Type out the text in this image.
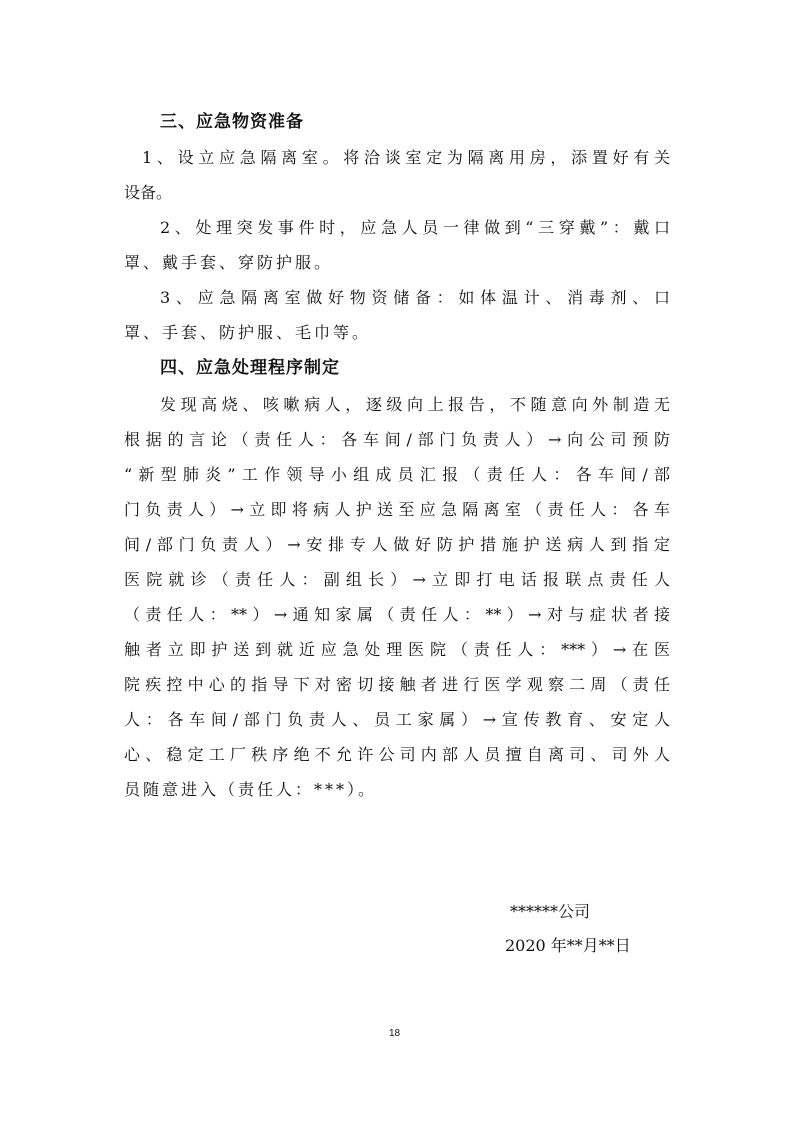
三、应急物资准备
1、设立应急隔离室。将洽谈室定为隔离用房，添置好有关
设备。
2、处理突发事件时，应急人员一律做到“三穿戴”：戴口
罩、戴手套、穿防护服。
3、应急隔离室做好物资储备：如体温计、消毒剂、口
罩、手套、防护服、毛巾等。
四、应急处理程序制定
发现高烧、咳嗽病人，逐级向上报告，不随意向外制造无
根据的言论（责任人：各车间/部门负责人）→向公司预防
“新型肺炎”工作领导小组成员汇报（责任人：各车间/部
门负责人）→立即将病人护送至应急隔离室（责任人：各车
间/部门负责人）→安排专人做好防护措施护送病人到指定
医院就诊（责任人：副组长）→立即打电话报联点责任人
（责任人：**）→通知家属（责任人：**）→对与症状者接
触者立即护送到就近应急处理医院（责任人：***）→在医
院疾控中心的指导下对密切接触者进行医学观察二周（责任
人：各车间/部门负责人、员工家属）→宣传教育、安定人
心、稳定工厂秩序绝不允许公司内部人员擅自离司、司外人
员随意进入（责任人：***）。
******公司
2020 年**月**日
18
